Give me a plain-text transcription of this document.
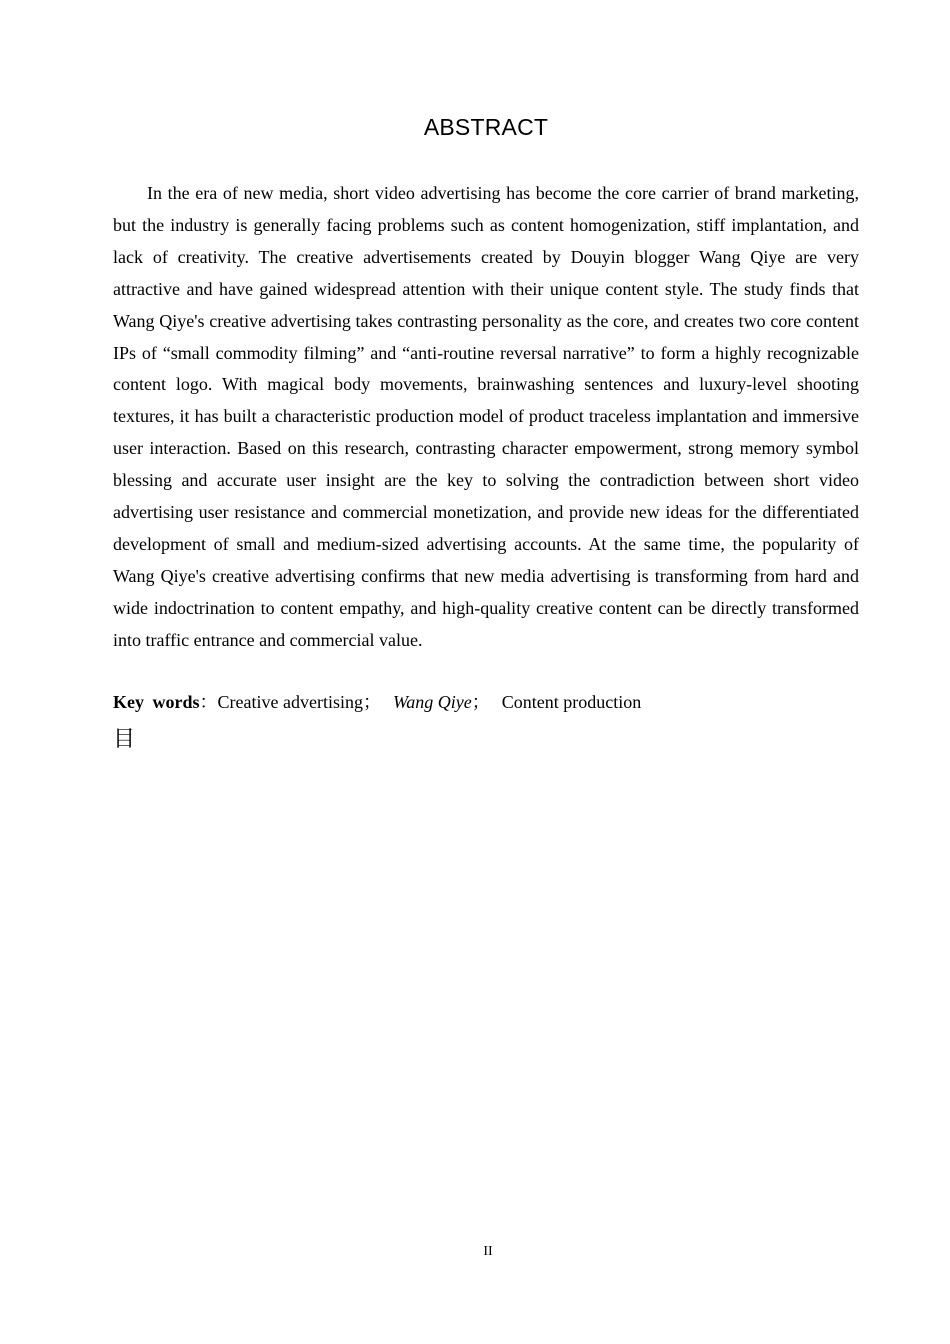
ABSTRACT

In the era of new media, short video advertising has become the core carrier of brand marketing, but the industry is generally facing problems such as content homogenization, stiff implantation, and lack of creativity. The creative advertisements created by Douyin blogger Wang Qiye are very attractive and have gained widespread attention with their unique content style. The study finds that Wang Qiye's creative advertising takes contrasting personality as the core, and creates two core content IPs of “small commodity filming” and “anti-routine reversal narrative” to form a highly recognizable content logo. With magical body movements, brainwashing sentences and luxury-level shooting textures, it has built a characteristic production model of product traceless implantation and immersive user interaction. Based on this research, contrasting character empowerment, strong memory symbol blessing and accurate user insight are the key to solving the contradiction between short video advertising user resistance and commercial monetization, and provide new ideas for the differentiated development of small and medium-sized advertising accounts. At the same time, the popularity of Wang Qiye's creative advertising confirms that new media advertising is transforming from hard and wide indoctrination to content empathy, and high-quality creative content can be directly transformed into traffic entrance and commercial value.

Key words：Creative advertising； Wang Qiye； Content production
目
II
